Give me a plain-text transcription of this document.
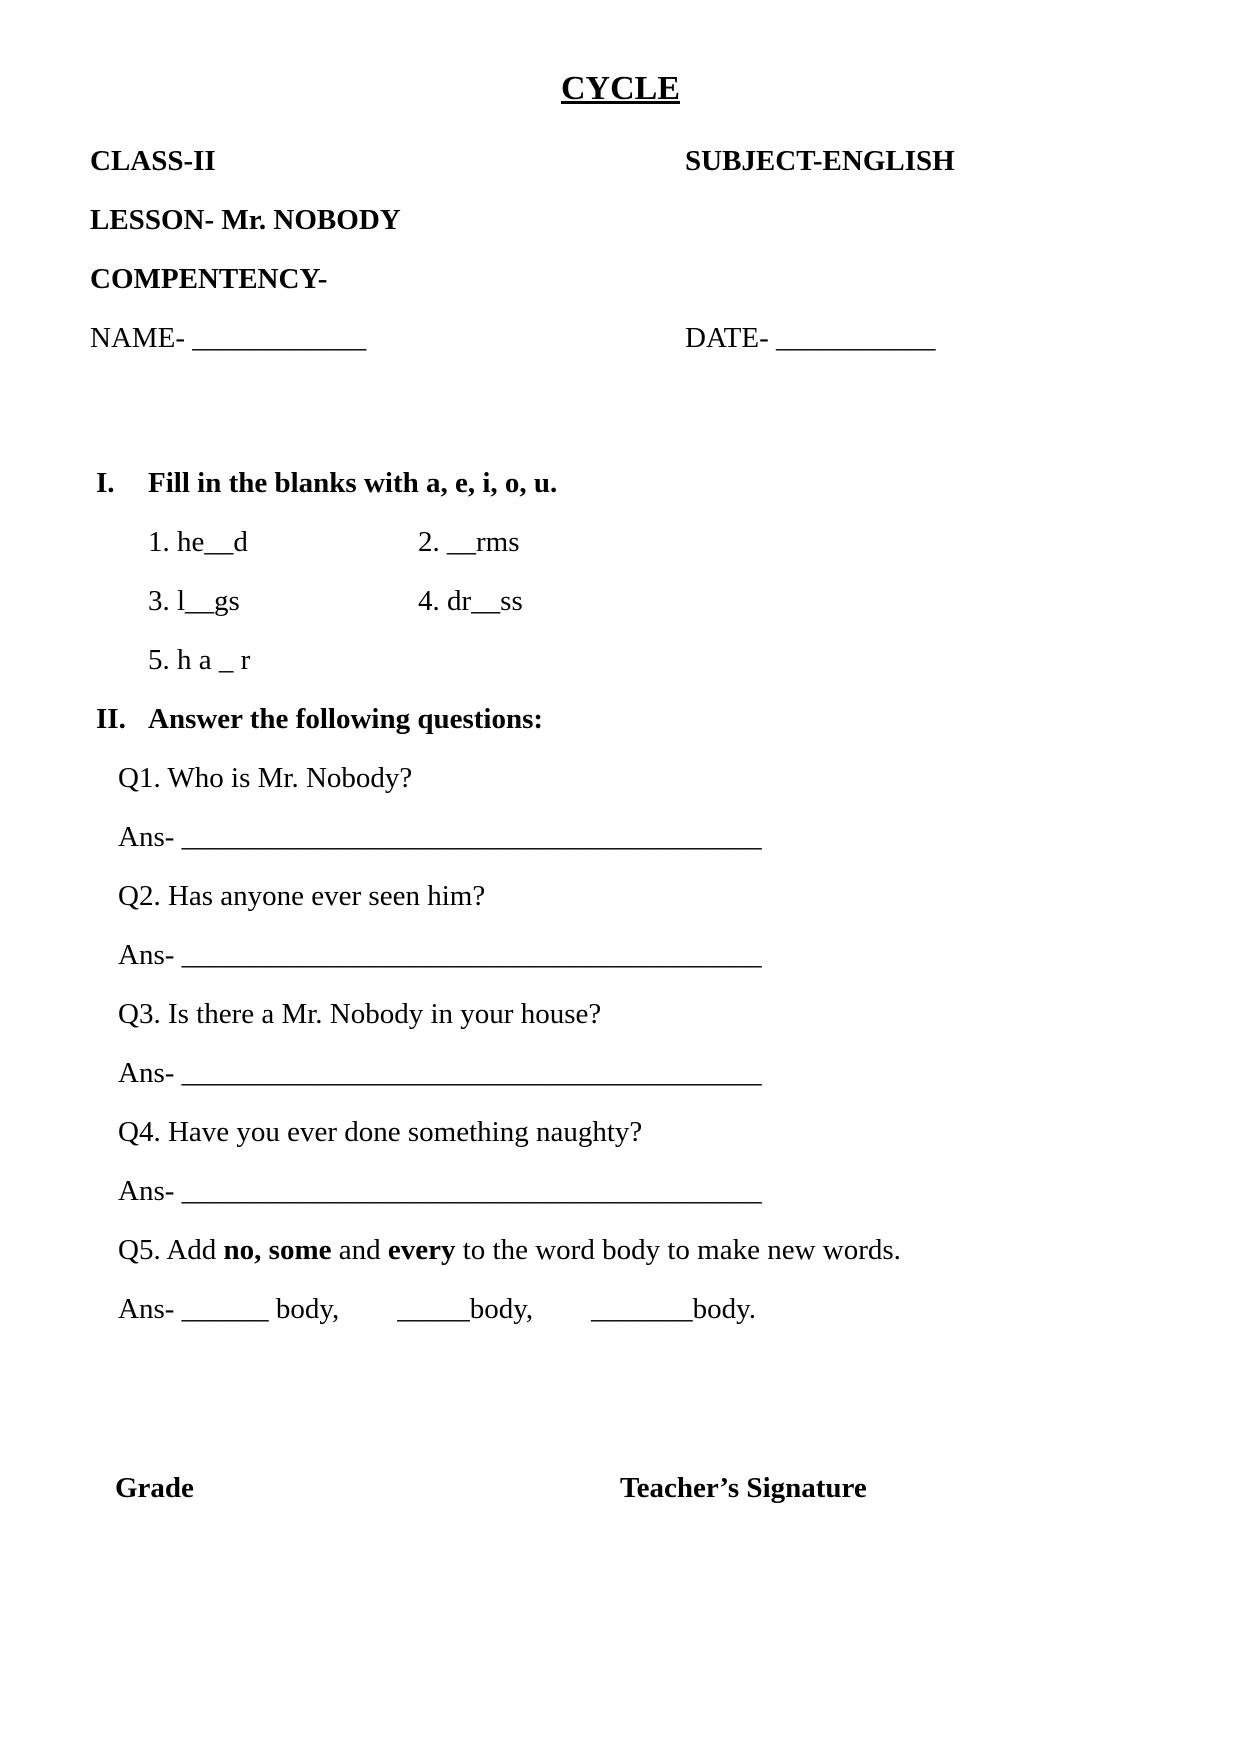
CYCLE
CLASS-II	SUBJECT-ENGLISH
LESSON- Mr. NOBODY
COMPENTENCY-
NAME- ____________	DATE- ___________
I.	Fill in the blanks with a, e, i, o, u.
1. he__d	2. __rms
3. l__gs	4. dr__ss
5. h a _ r
II. Answer the following questions:
Q1. Who is Mr. Nobody?
Ans- ________________________________________
Q2. Has anyone ever seen him?
Ans- ________________________________________
Q3. Is there a Mr. Nobody in your house?
Ans- ________________________________________
Q4. Have you ever done something naughty?
Ans- ________________________________________
Q5. Add no, some and every to the word body to make new words.
Ans- ______ body,        _____body,        _______body.
Grade	Teacher’s Signature
